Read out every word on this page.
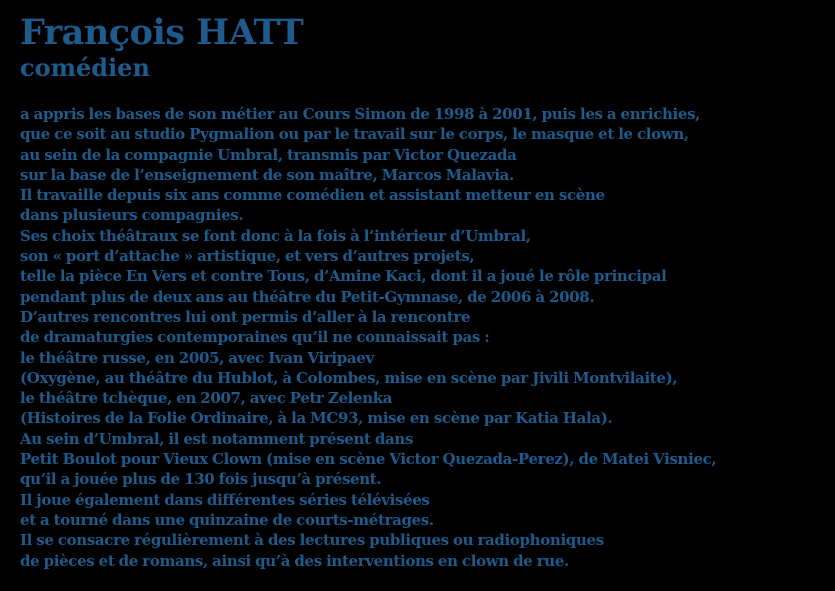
François HATT
comédien

a appris les bases de son métier au Cours Simon de 1998 à 2001, puis les a enrichies,
que ce soit au studio Pygmalion ou par le travail sur le corps, le masque et le clown,
au sein de la compagnie Umbral, transmis par Victor Quezada
sur la base de l’enseignement de son maître, Marcos Malavia.
Il travaille depuis six ans comme comédien et assistant metteur en scène
dans plusieurs compagnies.
Ses choix théâtraux se font donc à la fois à l’intérieur d’Umbral,
son « port d’attache » artistique, et vers d’autres projets,
telle la pièce En Vers et contre Tous, d’Amine Kaci, dont il a joué le rôle principal
pendant plus de deux ans au théâtre du Petit-Gymnase, de 2006 à 2008.
D’autres rencontres lui ont permis d’aller à la rencontre
de dramaturgies contemporaines qu’il ne connaissait pas :
le théâtre russe, en 2005, avec Ivan Viripaev
(Oxygène, au théâtre du Hublot, à Colombes, mise en scène par Jivili Montvilaite),
le théâtre tchèque, en 2007, avec Petr Zelenka
(Histoires de la Folie Ordinaire, à la MC93, mise en scène par Katia Hala).
Au sein d’Umbral, il est notamment présent dans
Petit Boulot pour Vieux Clown (mise en scène Victor Quezada-Perez), de Matei Visniec,
qu’il a jouée plus de 130 fois jusqu’à présent.
Il joue également dans différentes séries télévisées
et a tourné dans une quinzaine de courts-métrages.
Il se consacre régulièrement à des lectures publiques ou radiophoniques
de pièces et de romans, ainsi qu’à des interventions en clown de rue.
